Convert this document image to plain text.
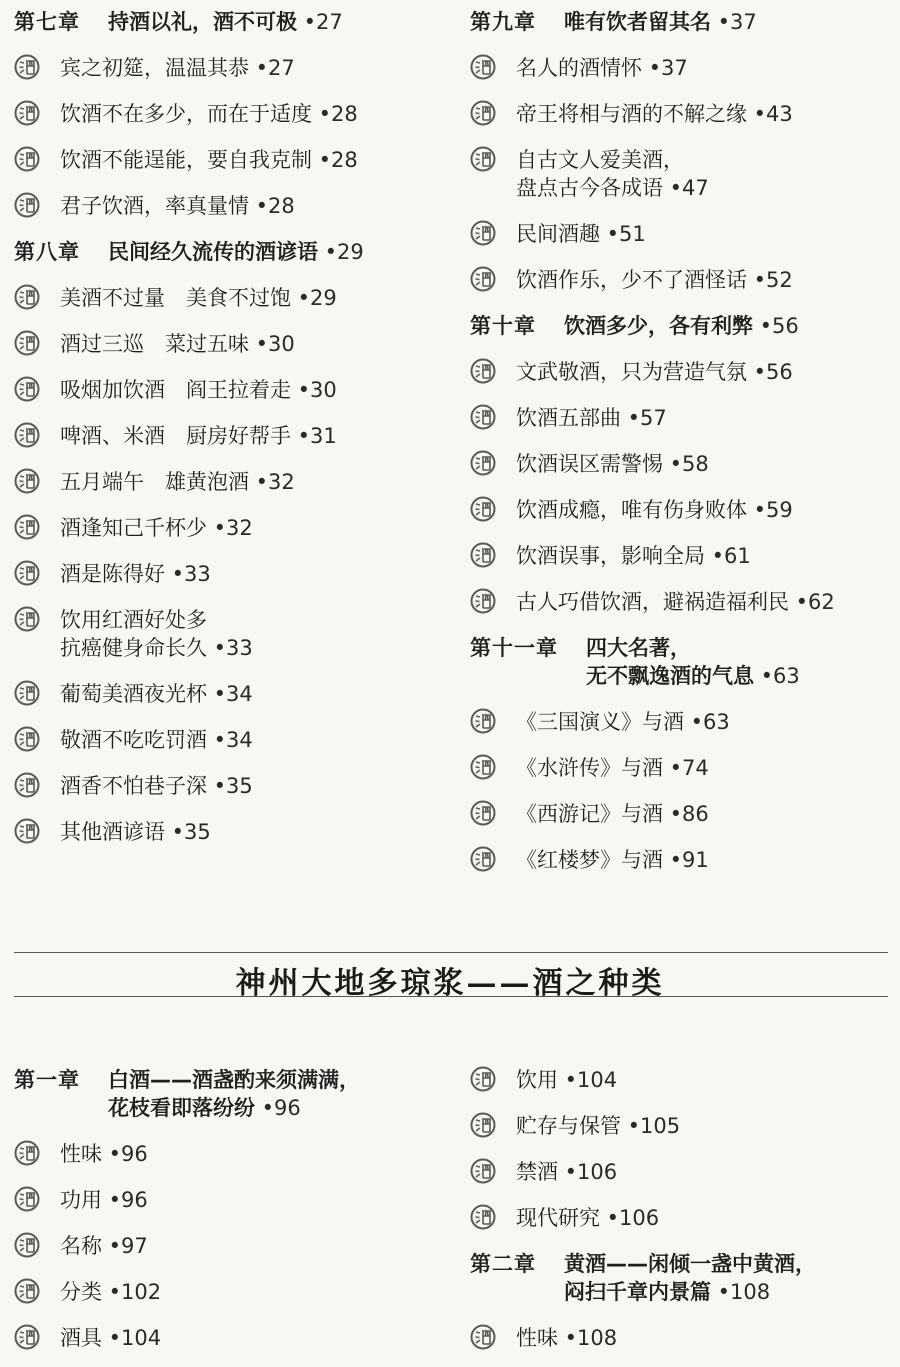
第七章 持酒以礼，酒不可极 •27
宾之初筵，温温其恭 •27
饮酒不在多少，而在于适度 •28
饮酒不能逞能，要自我克制 •28
君子饮酒，率真量情 •28
第八章 民间经久流传的酒谚语 •29
美酒不过量　美食不过饱 •29
酒过三巡　菜过五味 •30
吸烟加饮酒　阎王拉着走 •30
啤酒、米酒　厨房好帮手 •31
五月端午　雄黄泡酒 •32
酒逢知己千杯少 •32
酒是陈得好 •33
饮用红酒好处多
抗癌健身命长久 •33
葡萄美酒夜光杯 •34
敬酒不吃吃罚酒 •34
酒香不怕巷子深 •35
其他酒谚语 •35
第九章 唯有饮者留其名 •37
名人的酒情怀 •37
帝王将相与酒的不解之缘 •43
自古文人爱美酒，
盘点古今各成语 •47
民间酒趣 •51
饮酒作乐，少不了酒怪话 •52
第十章 饮酒多少，各有利弊 •56
文武敬酒，只为营造气氛 •56
饮酒五部曲 •57
饮酒误区需警惕 •58
饮酒成瘾，唯有伤身败体 •59
饮酒误事，影响全局 •61
古人巧借饮酒，避祸造福利民 •62
第十一章 四大名著，
无不飘逸酒的气息 •63
《三国演义》与酒 •63
《水浒传》与酒 •74
《西游记》与酒 •86
《红楼梦》与酒 •91
神州大地多琼浆——酒之种类
第一章 白酒——酒盏酌来须满满，
花枝看即落纷纷 •96
性味 •96
功用 •96
名称 •97
分类 •102
酒具 •104
饮用 •104
贮存与保管 •105
禁酒 •106
现代研究 •106
第二章 黄酒——闲倾一盏中黄酒，
闷扫千章内景篇 •108
性味 •108
